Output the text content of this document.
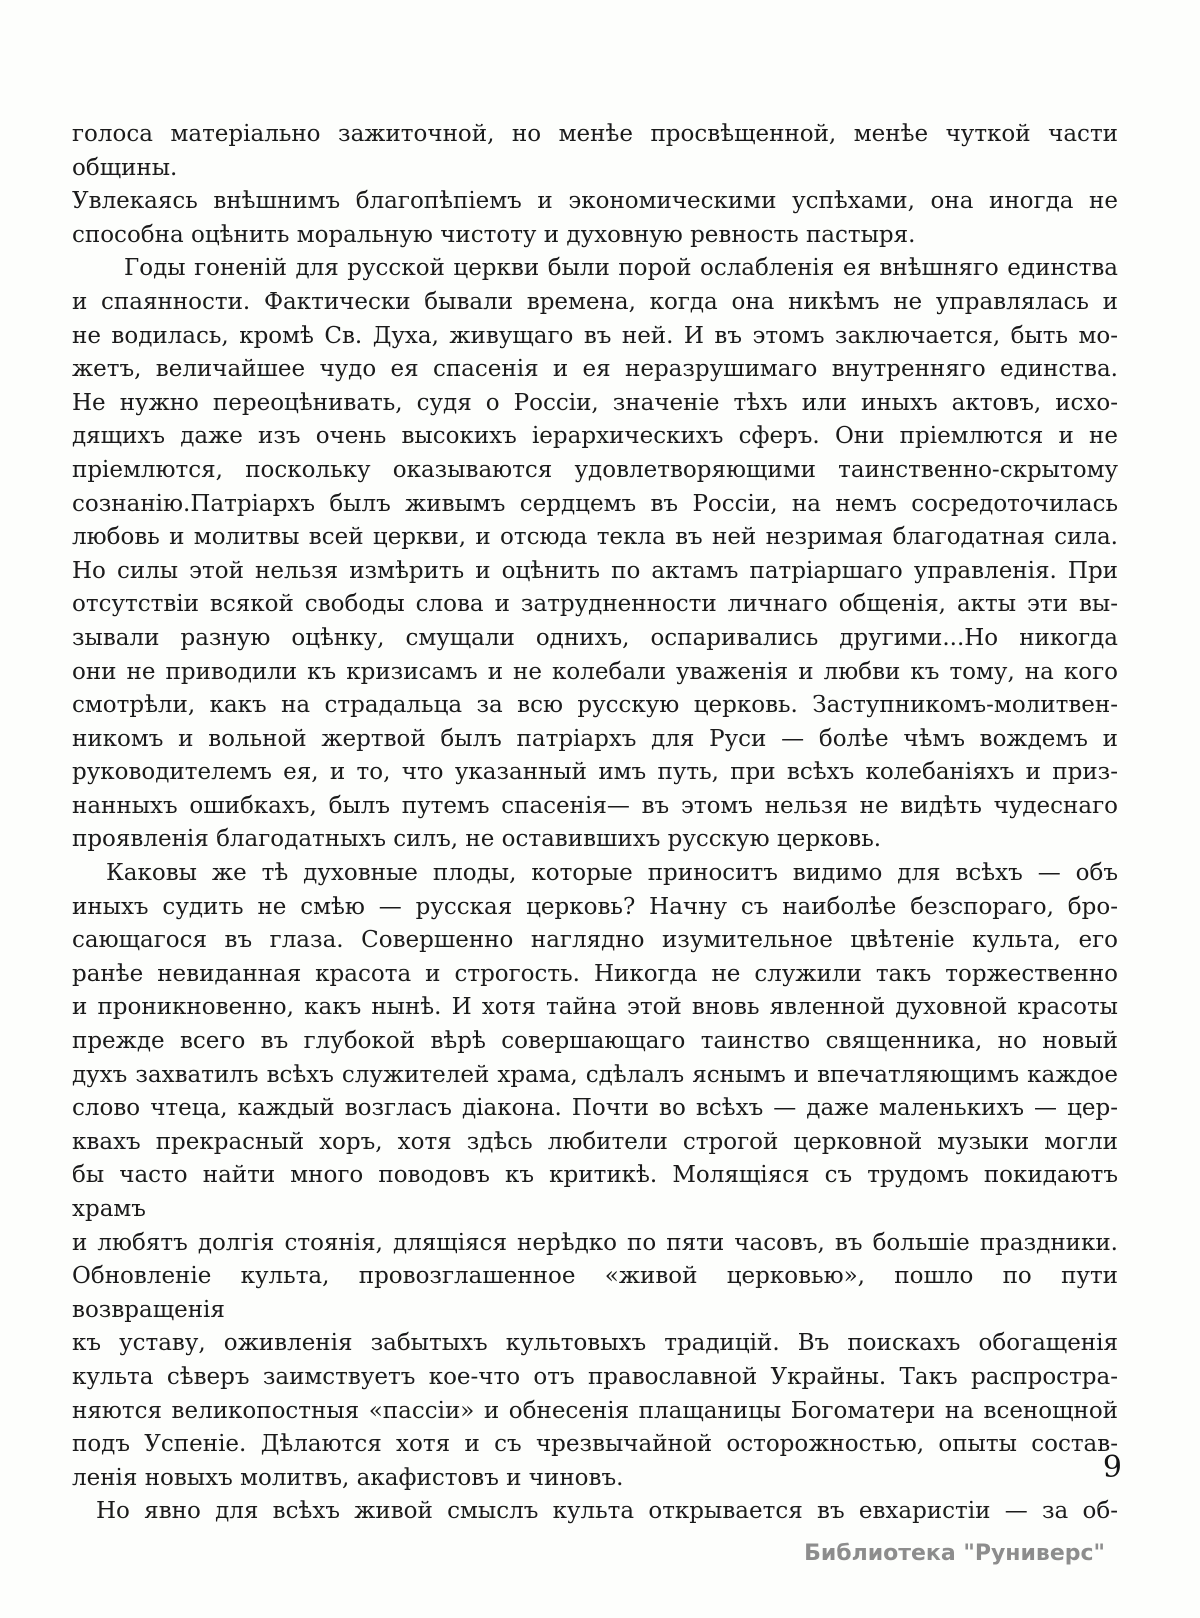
голоса матеріально зажиточной, но менѣе просвѣщенной, менѣе чуткой части общины.
Увлекаясь внѣшнимъ благопѣпіемъ и экономическими успѣхами, она иногда не
способна оцѣнить моральную чистоту и духовную ревность пастыря.
Годы гоненій для русской церкви были порой ослабленія ея внѣшняго единства
и спаянности. Фактически бывали времена, когда она никѣмъ не управлялась и
не водилась, кромѣ Св. Духа, живущаго въ ней. И въ этомъ заключается, быть мо-
жетъ, величайшее чудо ея спасенія и ея неразрушимаго внутренняго единства.
Не нужно переоцѣнивать, судя о Россіи, значеніе тѣхъ или иныхъ актовъ, исхо-
дящихъ даже изъ очень высокихъ іерархическихъ сферъ. Они пріемлются и не
пріемлются, поскольку оказываются удовлетворяющими таинственно-скрытому
сознанію.Патріархъ былъ живымъ сердцемъ въ Россіи, на немъ сосредоточилась
любовь и молитвы всей церкви, и отсюда текла въ ней незримая благодатная сила.
Но силы этой нельзя измѣрить и оцѣнить по актамъ патріаршаго управленія. При
отсутствіи всякой свободы слова и затрудненности личнаго общенія, акты эти вы-
зывали разную оцѣнку, смущали однихъ, оспаривались другими...Но никогда
они не приводили къ кризисамъ и не колебали уваженія и любви къ тому, на кого
смотрѣли, какъ на страдальца за всю русскую церковь. Заступникомъ-молитвен-
никомъ и вольной жертвой былъ патріархъ для Руси — болѣе чѣмъ вождемъ и
руководителемъ ея, и то, что указанный имъ путь, при всѣхъ колебаніяхъ и приз-
нанныхъ ошибкахъ, былъ путемъ спасенія— въ этомъ нельзя не видѣть чудеснаго
проявленія благодатныхъ силъ, не оставившихъ русскую церковь.
Каковы же тѣ духовные плоды, которые приноситъ видимо для всѣхъ — объ
иныхъ судить не смѣю — русская церковь? Начну съ наиболѣе безспораго, бро-
сающагося въ глаза. Совершенно наглядно изумительное цвѣтеніе культа, его
ранѣе невиданная красота и строгость. Никогда не служили такъ торжественно
и проникновенно, какъ нынѣ. И хотя тайна этой вновь явленной духовной красоты
прежде всего въ глубокой вѣрѣ совершающаго таинство священника, но новый
духъ захватилъ всѣхъ служителей храма, сдѣлалъ яснымъ и впечатляющимъ каждое
слово чтеца, каждый возгласъ діакона. Почти во всѣхъ — даже маленькихъ — цер-
квахъ прекрасный хоръ, хотя здѣсь любители строгой церковной музыки могли
бы часто найти много поводовъ къ критикѣ. Молящіяся съ трудомъ покидаютъ храмъ
и любятъ долгія стоянія, длящіяся нерѣдко по пяти часовъ, въ большіе праздники.
Обновленіе культа, провозглашенное «живой церковью», пошло по пути возвращенія
къ уставу, оживленія забытыхъ культовыхъ традицій. Въ поискахъ обогащенія
культа сѣверъ заимствуетъ кое-что отъ православной Украйны. Такъ распростра-
няются великопостныя «пассіи» и обнесенія плащаницы Богоматери на всенощной
подъ Успеніе. Дѣлаются хотя и съ чрезвычайной осторожностью, опыты состав-
ленія новыхъ молитвъ, акафистовъ и чиновъ.
Но явно для всѣхъ живой смыслъ культа открывается въ евхаристіи — за об-
9
Библиотека "Руниверс"
